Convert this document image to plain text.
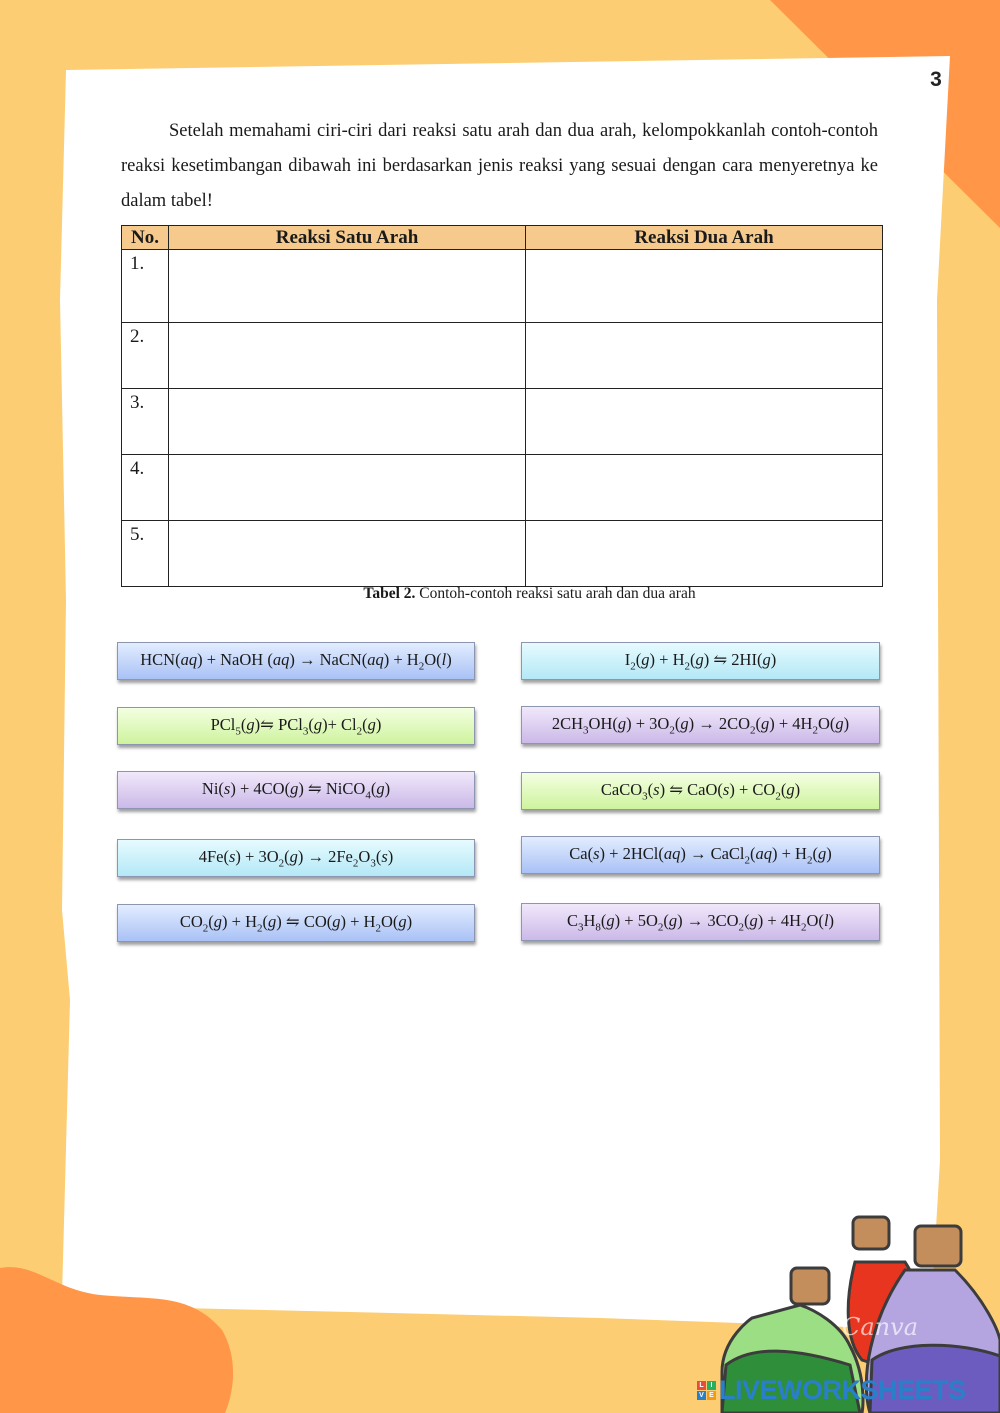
Canva
3

Setelah memahami ciri-ciri dari reaksi satu arah dan dua arah, kelompokkanlah contoh-contoh reaksi kesetimbangan dibawah ini berdasarkan jenis reaksi yang sesuai dengan cara menyeretnya ke dalam tabel!

No.	Reaksi Satu Arah	Reaksi Dua Arah
1.		
2.		
3.		
4.		
5.		

Tabel 2. Contoh-contoh reaksi satu arah dan dua arah

HCN(aq) + NaOH (aq) → NaCN(aq) + $H_2O(l)$	$I_2(g) + H_2(g)$ ⇋ 2HI(g)
PCl$_5$(g)⇋ $PCl_3(g)+ Cl_2(g)$	$2CH_3OH(g) + 3O_2(g) \to 2CO_2(g) + 4H_2O(g)$
Ni(s) + 4CO(g) ⇋ NiCO$_4$(g)	CaCO$_3$(s) ⇋ $CaO(s) + CO_2(g)$
$4Fe(s) + 3O_2(g) \to 2Fe_2O_3(s)$	Ca(s) + 2HCl(aq) → CaCl$_2$(aq) + $H_2(g)$
$CO_2(g) + H_2(g)$ ⇋ $CO(g) + H_2O(g)$	$C_3H_8(g) + 5O_2(g) \to 3CO_2(g) + 4H_2O(l)$
L I
V E LIVEWORKSHEETS
